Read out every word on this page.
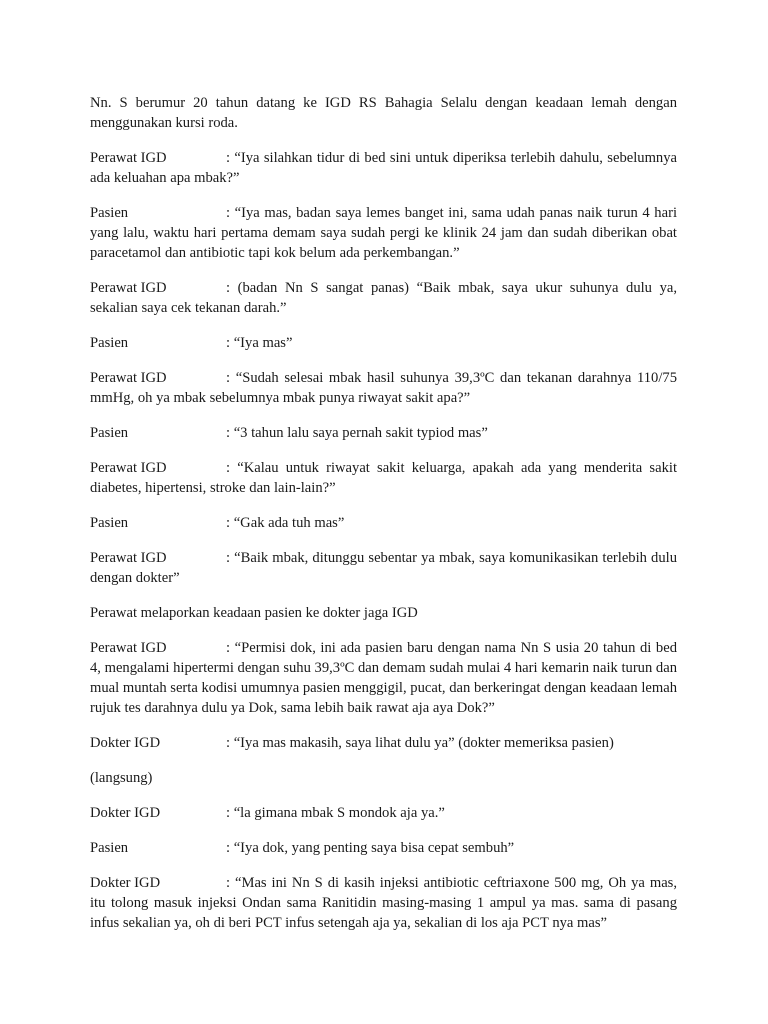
Nn. S berumur 20 tahun datang ke IGD RS Bahagia Selalu dengan keadaan lemah dengan menggunakan kursi roda.

Perawat IGD	: “Iya silahkan tidur di bed sini untuk diperiksa terlebih dahulu, sebelumnya ada keluahan apa mbak?”

Pasien	: “Iya mas, badan saya lemes banget ini, sama udah panas naik turun 4 hari yang lalu, waktu hari pertama demam saya sudah pergi ke klinik 24 jam dan sudah diberikan obat paracetamol dan antibiotic tapi kok belum ada perkembangan.”

Perawat IGD	: (badan Nn S sangat panas) “Baik mbak, saya ukur suhunya dulu ya, sekalian saya cek tekanan darah.”

Pasien	: “Iya mas”

Perawat IGD	: “Sudah selesai mbak hasil suhunya 39,3ºC dan tekanan darahnya 110/75 mmHg, oh ya mbak sebelumnya mbak punya riwayat sakit apa?”

Pasien	: “3 tahun lalu saya pernah sakit typiod mas”

Perawat IGD	: “Kalau untuk riwayat sakit keluarga, apakah ada yang menderita sakit diabetes, hipertensi, stroke dan lain-lain?”

Pasien	: “Gak ada tuh mas”

Perawat IGD	: “Baik mbak, ditunggu sebentar ya mbak, saya komunikasikan terlebih dulu dengan dokter”

Perawat melaporkan keadaan pasien ke dokter jaga IGD

Perawat IGD	: “Permisi dok, ini ada pasien baru dengan nama Nn S usia 20 tahun di bed 4, mengalami hipertermi dengan suhu 39,3ºC dan demam sudah mulai 4 hari kemarin naik turun dan mual muntah serta kodisi umumnya pasien menggigil, pucat, dan berkeringat dengan keadaan lemah rujuk tes darahnya dulu ya Dok, sama lebih baik rawat aja aya Dok?”

Dokter IGD	: “Iya mas makasih, saya lihat dulu ya” (dokter memeriksa pasien)

(langsung)

Dokter IGD	: “la gimana mbak S mondok aja ya.”

Pasien	: “Iya dok, yang penting saya bisa cepat sembuh”

Dokter IGD	: “Mas ini Nn S di kasih injeksi antibiotic ceftriaxone 500 mg, Oh ya mas, itu tolong masuk injeksi Ondan sama Ranitidin masing-masing 1 ampul ya mas. sama di pasang infus sekalian ya, oh di beri PCT infus setengah aja ya, sekalian di los aja PCT nya mas”
